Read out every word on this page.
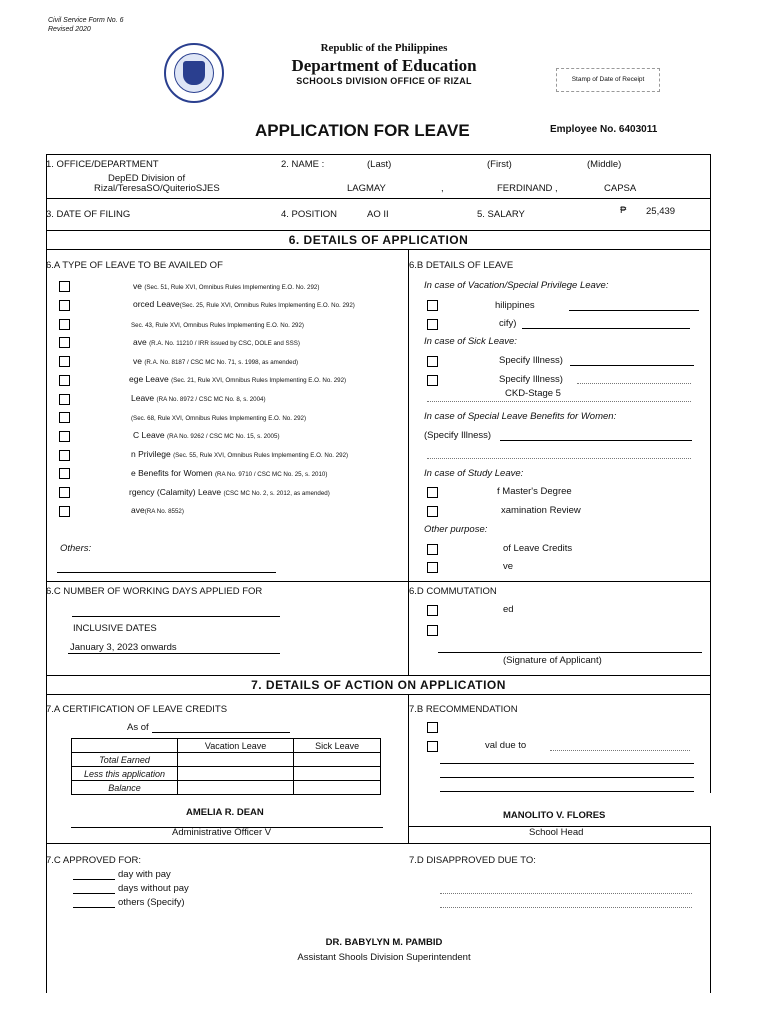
Civil Service Form No. 6
Revised 2020
Republic of the Philippines
Department of Education
SCHOOLS DIVISION OFFICE OF RIZAL	Stamp of Date of Receipt
APPLICATION FOR LEAVE	Employee No. 6403011
1. OFFICE/DEPARTMENT
DepED Division of
Rizal/TeresaSO/QuiterioSJES
2. NAME :	(Last)	(First)	(Middle)
LAGMAY	,	FERDINAND ,	CAPSA
3. DATE OF FILING	4. POSITION	AO II	5. SALARY	₱ 25,439
6. DETAILS OF APPLICATION
6.A TYPE OF LEAVE TO BE AVAILED OF	6.B DETAILS OF LEAVE
ve (Sec. 51, Rule XVI, Omnibus Rules Implementing E.O. No. 292)
orced Leave(Sec. 25, Rule XVI, Omnibus Rules Implementing E.O. No. 292)
Sec. 43, Rule XVI, Omnibus Rules Implementing E.O. No. 292)
ave (R.A. No. 11210 / IRR issued by CSC, DOLE and SSS)
ve (R.A. No. 8187 / CSC MC No. 71, s. 1998, as amended)
ege Leave (Sec. 21, Rule XVI, Omnibus Rules Implementing E.O. No. 292)
Leave (RA No. 8972 / CSC MC No. 8, s. 2004)
(Sec. 68, Rule XVI, Omnibus Rules Implementing E.O. No. 292)
C Leave (RA No. 9262 / CSC MC No. 15, s. 2005)
n Privilege (Sec. 55, Rule XVI, Omnibus Rules Implementing E.O. No. 292)
e Benefits for Women (RA No. 9710 / CSC MC No. 25, s. 2010)
rgency (Calamity) Leave (CSC MC No. 2, s. 2012, as amended)
ave(RA No. 8552)
Others:
In case of Vacation/Special Privilege Leave:
hilippines
cify)
In case of Sick Leave:
Specify Illness)
Specify Illness)
CKD-Stage 5
In case of Special Leave Benefits for Women:
(Specify Illness)
In case of Study Leave:
f Master's Degree
xamination Review
Other purpose:
of Leave Credits
ve
6.C NUMBER OF WORKING DAYS APPLIED FOR
INCLUSIVE DATES
January 3, 2023 onwards
6.D COMMUTATION
ed
(Signature of Applicant)
7. DETAILS OF ACTION ON APPLICATION
7.A CERTIFICATION OF LEAVE CREDITS
As of
	Vacation Leave	Sick Leave
Total Earned		
Less this application		
Balance		
AMELIA R. DEAN
Administrative Officer V
7.B RECOMMENDATION
val due to
MANOLITO V. FLORES
School Head
7.C APPROVED FOR:
day with pay
days without pay
others (Specify)
7.D DISAPPROVED DUE TO:
DR. BABYLYN M. PAMBID
Assistant Shools Division Superintendent
